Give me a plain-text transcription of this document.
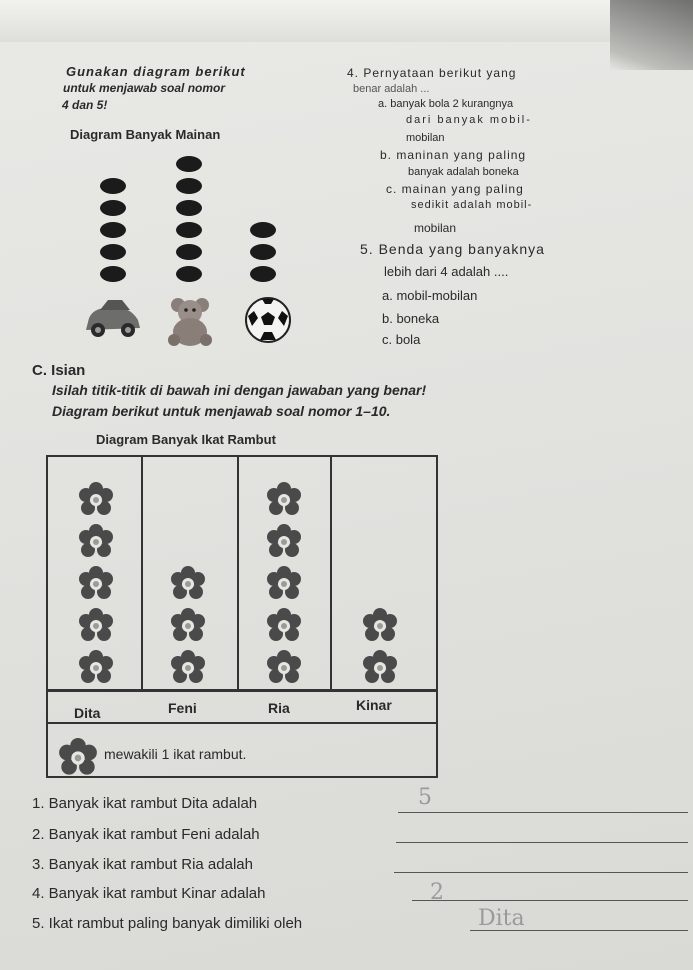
Gunakan diagram berikut
untuk menjawab soal nomor
4 dan 5!
Diagram Banyak Mainan
4. Pernyataan berikut yang
benar adalah ...
a. banyak bola 2 kurangnya
dari banyak mobil-
mobilan
b. maninan yang paling
banyak adalah boneka
c. mainan yang paling
sedikit adalah mobil-
mobilan
5. Benda yang banyaknya
lebih dari 4 adalah ....
a. mobil-mobilan
b. boneka
c. bola
C. Isian
Isilah titik-titik di bawah ini dengan jawaban yang benar!
Diagram berikut untuk menjawab soal nomor 1–10.
Diagram Banyak Ikat Rambut
Dita	Feni	Ria	Kinar
mewakili 1 ikat rambut.
1. Banyak ikat rambut Dita adalah
2. Banyak ikat rambut Feni adalah
3. Banyak ikat rambut Ria adalah
4. Banyak ikat rambut Kinar adalah
5. Ikat rambut paling banyak dimiliki oleh
5
2
Dita
